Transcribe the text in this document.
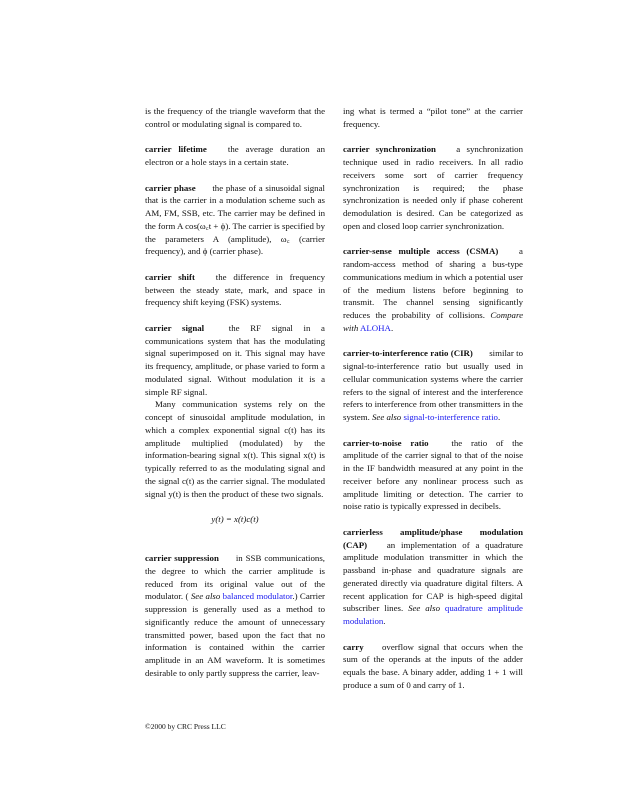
is the frequency of the triangle waveform that the control or modulating signal is compared to.

carrier lifetime the average duration an electron or a hole stays in a certain state.

carrier phase the phase of a sinusoidal signal that is the carrier in a modulation scheme such as AM, FM, SSB, etc. The carrier may be defined in the form A cos(ω꜀t + ϕ). The carrier is specified by the parameters A (amplitude), ω꜀ (carrier frequency), and ϕ (carrier phase).

carrier shift the difference in frequency between the steady state, mark, and space in frequency shift keying (FSK) systems.

carrier signal	the RF signal in a communications system that has the modulating signal superimposed on it. This signal may have its frequency, amplitude, or phase varied to form a modulated signal. Without modulation it is a simple RF signal.

Many communication systems rely on the concept of sinusoidal amplitude modulation, in which a complex exponential signal c(t) has its amplitude multiplied (modulated) by the information-bearing signal x(t). This signal x(t) is typically referred to as the modulating signal and the signal c(t) as the carrier signal. The modulated signal y(t) is then the product of these two signals.

y(t) = x(t)c(t)

carrier suppression in SSB communications, the degree to which the carrier amplitude is reduced from its original value out of the modulator. ( See also balanced modulator.) Carrier suppression is generally used as a method to significantly reduce the amount of unnecessary transmitted power, based upon the fact that no information is contained within the carrier amplitude in an AM waveform. It is sometimes desirable to only partly suppress the carrier, leav-

ing what is termed a “pilot tone” at the carrier frequency.

carrier synchronization a synchronization technique used in radio receivers. In all radio receivers some sort of carrier frequency synchronization is required; the phase synchronization is needed only if phase coherent demodulation is desired. Can be categorized as open and closed loop carrier synchronization.

carrier-sense multiple access (CSMA) a random-access method of sharing a bus-type communications medium in which a potential user of the medium listens before beginning to transmit. The channel sensing significantly reduces the probability of collisions. Compare with ALOHA.

carrier-to-interference ratio (CIR) similar to signal-to-interference ratio but usually used in cellular communication systems where the carrier refers to the signal of interest and the interference refers to interference from other transmitters in the system. See also signal-to-interference ratio.

carrier-to-noise ratio	the ratio of the amplitude of the carrier signal to that of the noise in the IF bandwidth measured at any point in the receiver before any nonlinear process such as amplitude limiting or detection. The carrier to noise ratio is typically expressed in decibels.

carrierless amplitude/phase modulation (CAP) an implementation of a quadrature amplitude modulation transmitter in which the passband in-phase and quadrature signals are generated directly via quadrature digital filters. A recent application for CAP is high-speed digital subscriber lines. See also quadrature amplitude modulation.

carry overflow signal that occurs when the sum of the operands at the inputs of the adder equals the base. A binary adder, adding 1 + 1 will produce a sum of 0 and carry of 1.

©2000 by CRC Press LLC
